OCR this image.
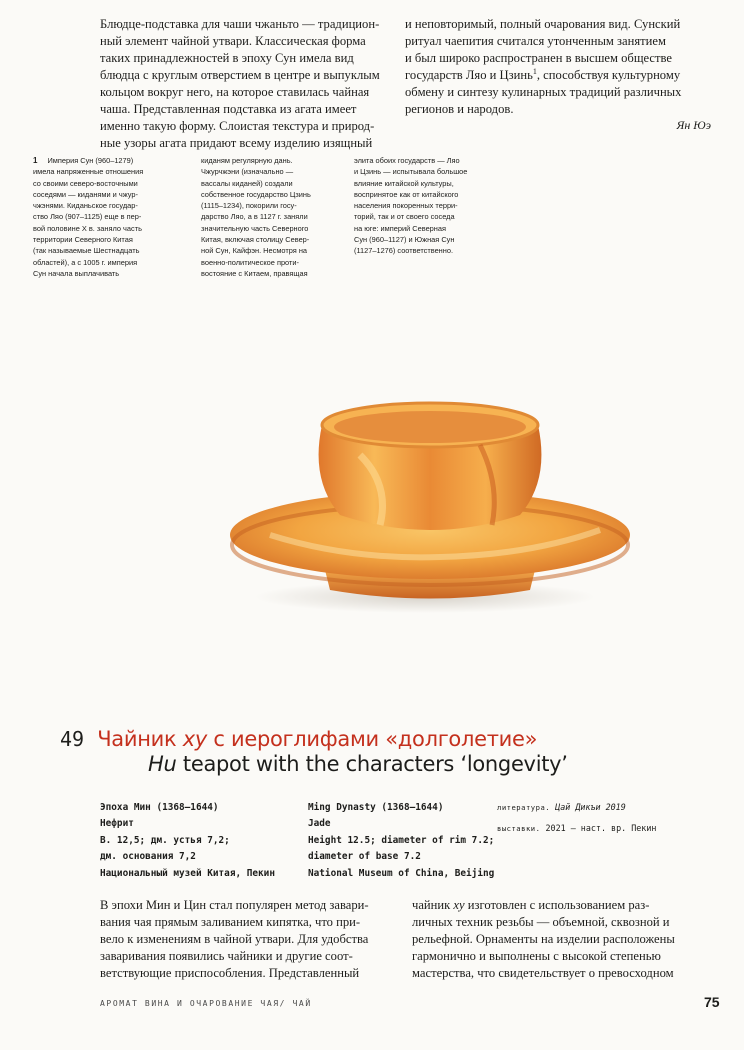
Блюдце-подставка для чаши чжаньто — традицион-
ный элемент чайной утвари. Классическая форма
таких принадлежностей в эпоху Сун имела вид
блюдца с круглым отверстием в центре и выпуклым
кольцом вокруг него, на которое ставилась чайная
чаша. Представленная подставка из агата имеет
именно такую форму. Слоистая текстура и природ-
ные узоры агата придают всему изделию изящный
и неповторимый, полный очарования вид. Сунский
ритуал чаепития считался утонченным занятием
и был широко распространен в высшем обществе
государств Ляо и Цзинь$^1$, способствуя культурному
обмену и синтезу кулинарных традиций различных
регионов и народов.
Ян Юэ
1 Империя Сун (960–1279)
имела напряженные отношения
со своими северо-восточными
соседями — киданями и чжур-
чжэнями. Киданьское государ-
ство Ляо (907–1125) еще в пер-
вой половине X в. заняло часть
территории Северного Китая
(так называемые Шестнадцать
областей), а с 1005 г. империя
Сун начала выплачивать
киданям регулярную дань.
Чжурчжэни (изначально —
вассалы киданей) создали
собственное государство Цзинь
(1115–1234), покорили госу-
дарство Ляо, а в 1127 г. заняли
значительную часть Северного
Китая, включая столицу Север-
ной Сун, Кайфэн. Несмотря на
военно-политическое проти-
востояние с Китаем, правящая
элита обоих государств — Ляо
и Цзинь — испытывала большое
влияние китайской культуры,
воспринятое как от китайского
населения покоренных терри-
торий, так и от своего соседа
на юге: империй Северная
Сун (960–1127) и Южная Сун
(1127–1276) соответственно.
49 Чайник ху с иероглифами «долголетие»
Hu teapot with the characters ‘longevity’
Эпоха Мин (1368–1644)
Нефрит
В. 12,5; дм. устья 7,2;
дм. основания 7,2
Национальный музей Китая, Пекин
Ming Dynasty (1368–1644)
Jade
Height 12.5; diameter of rim 7.2;
diameter of base 7.2
National Museum of China, Beijing
литература. Цай Дикъи 2019
выставки. 2021 — наст. вр. Пекин
В эпохи Мин и Цин стал популярен метод завари-
вания чая прямым заливанием кипятка, что при-
вело к изменениям в чайной утвари. Для удобства
заваривания появились чайники и другие соот-
ветствующие приспособления. Представленный
чайник ху изготовлен с использованием раз-
личных техник резьбы — объемной, сквозной и
рельефной. Орнаменты на изделии расположены
гармонично и выполнены с высокой степенью
мастерства, что свидетельствует о превосходном
АРОМАТ ВИНА И ОЧАРОВАНИЕ ЧАЯ/ ЧАЙ	75
